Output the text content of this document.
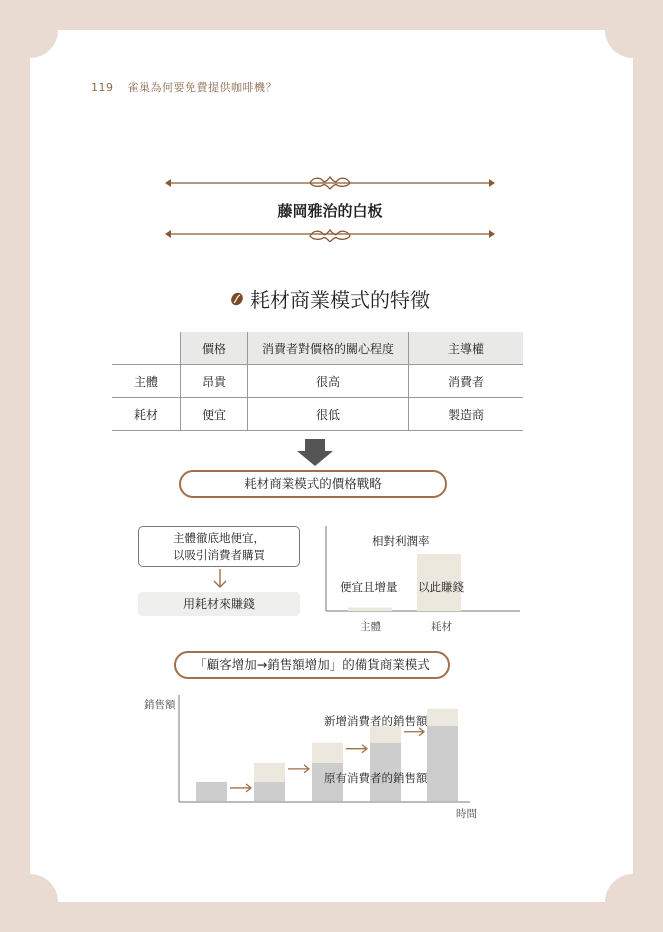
119 雀巢為何要免費提供咖啡機？
藤岡雅治的白板
耗材商業模式的特徵
	價格	消費者對價格的關心程度	主導權
主體	昂貴	很高	消費者
耗材	便宜	很低	製造商
耗材商業模式的價格戰略
主體徹底地便宜，
以吸引消費者購買
用耗材來賺錢
相對利潤率
便宜且增量 以此賺錢
主體	耗材
「顧客增加→銷售額增加」的備貨商業模式
銷售額
時間
新增消費者的銷售額
原有消費者的銷售額
